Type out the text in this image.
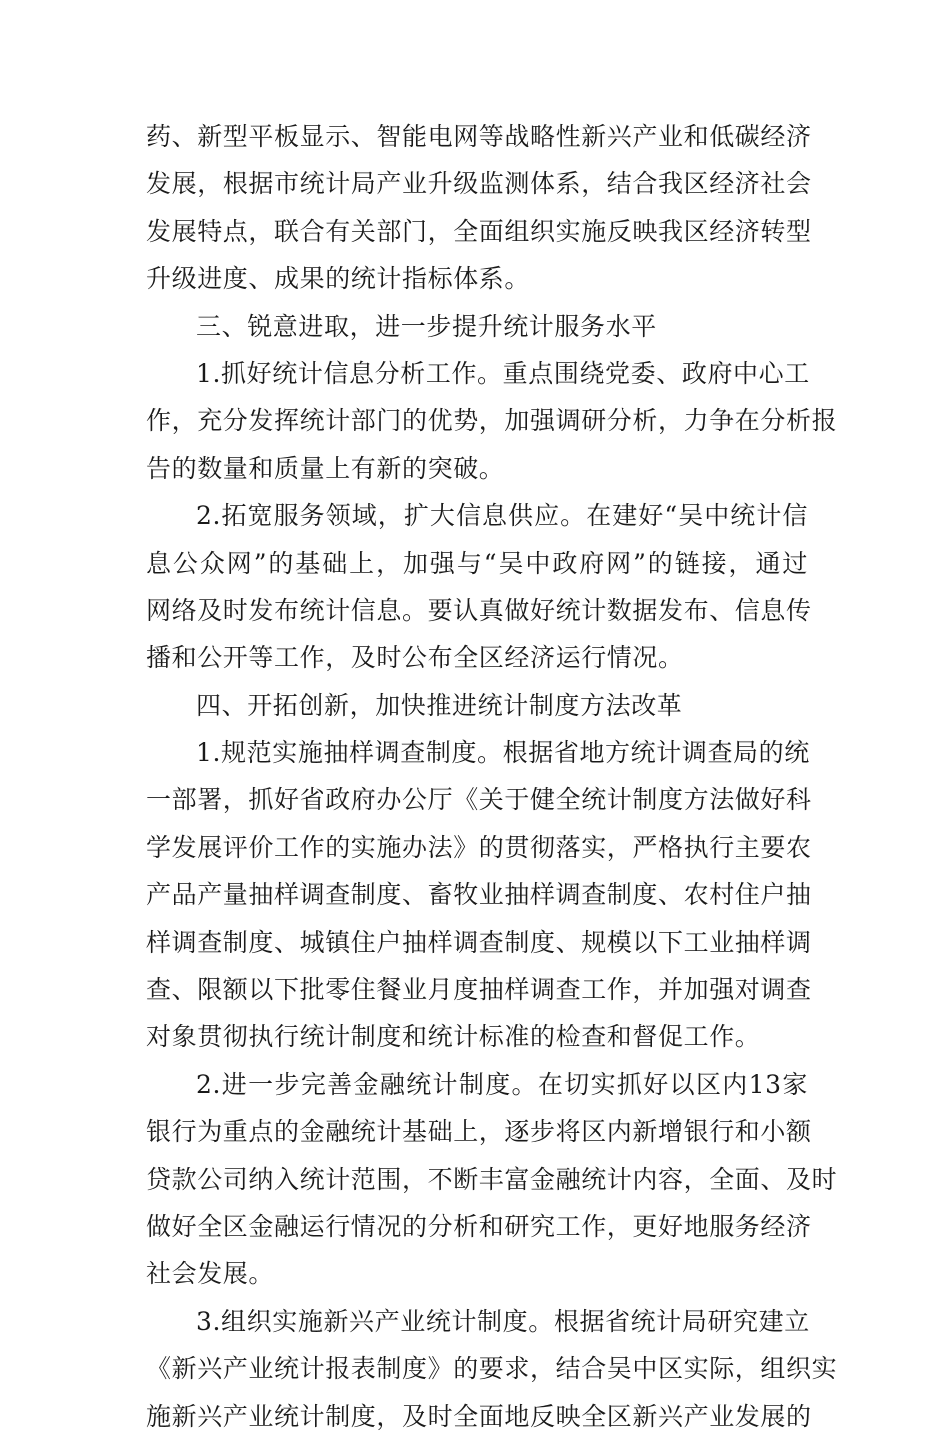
药、新型平板显示、智能电网等战略性新兴产业和低碳经济
发展，根据市统计局产业升级监测体系，结合我区经济社会
发展特点，联合有关部门，全面组织实施反映我区经济转型
升级进度、成果的统计指标体系。
三、锐意进取，进一步提升统计服务水平
1.抓好统计信息分析工作。重点围绕党委、政府中心工
作，充分发挥统计部门的优势，加强调研分析，力争在分析报
告的数量和质量上有新的突破。
2.拓宽服务领域，扩大信息供应。在建好“吴中统计信
息公众网”的基础上，加强与“吴中政府网”的链接，通过
网络及时发布统计信息。要认真做好统计数据发布、信息传
播和公开等工作，及时公布全区经济运行情况。
四、开拓创新，加快推进统计制度方法改革
1.规范实施抽样调查制度。根据省地方统计调查局的统
一部署，抓好省政府办公厅《关于健全统计制度方法做好科
学发展评价工作的实施办法》的贯彻落实，严格执行主要农
产品产量抽样调查制度、畜牧业抽样调查制度、农村住户抽
样调查制度、城镇住户抽样调查制度、规模以下工业抽样调
查、限额以下批零住餐业月度抽样调查工作，并加强对调查
对象贯彻执行统计制度和统计标准的检查和督促工作。
2.进一步完善金融统计制度。在切实抓好以区内13家
银行为重点的金融统计基础上，逐步将区内新增银行和小额
贷款公司纳入统计范围，不断丰富金融统计内容，全面、及时
做好全区金融运行情况的分析和研究工作，更好地服务经济
社会发展。
3.组织实施新兴产业统计制度。根据省统计局研究建立
《新兴产业统计报表制度》的要求，结合吴中区实际，组织实
施新兴产业统计制度，及时全面地反映全区新兴产业发展的
